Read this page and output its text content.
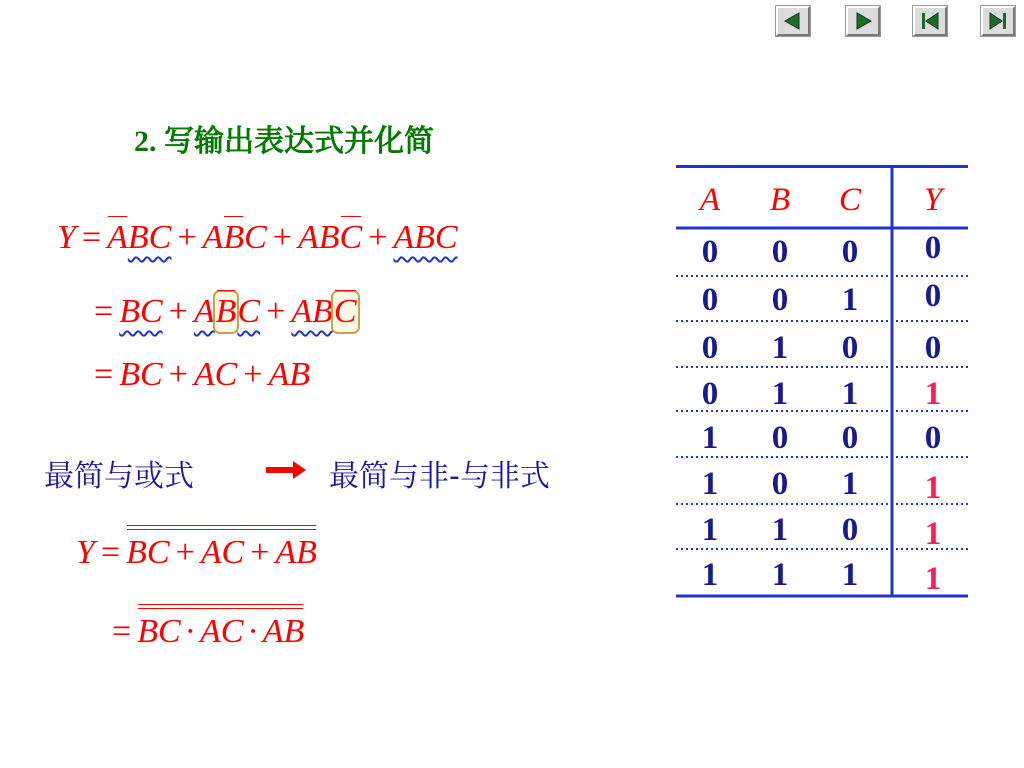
2. 写输出表达式并化简
Y = ABC + ABC + ABC + ABC
= BC + ABC + ABC
= BC + AC + AB
最简与或式	最简与非-与非式
Y = BC + AC + AB
= BC · AC · AB
A	B	C	Y
0	0	0	0
0	0	1	0
0	1	0	0
0	1	1	1
1	0	0	0
1	0	1	1
1	1	0	1
1	1	1	1
